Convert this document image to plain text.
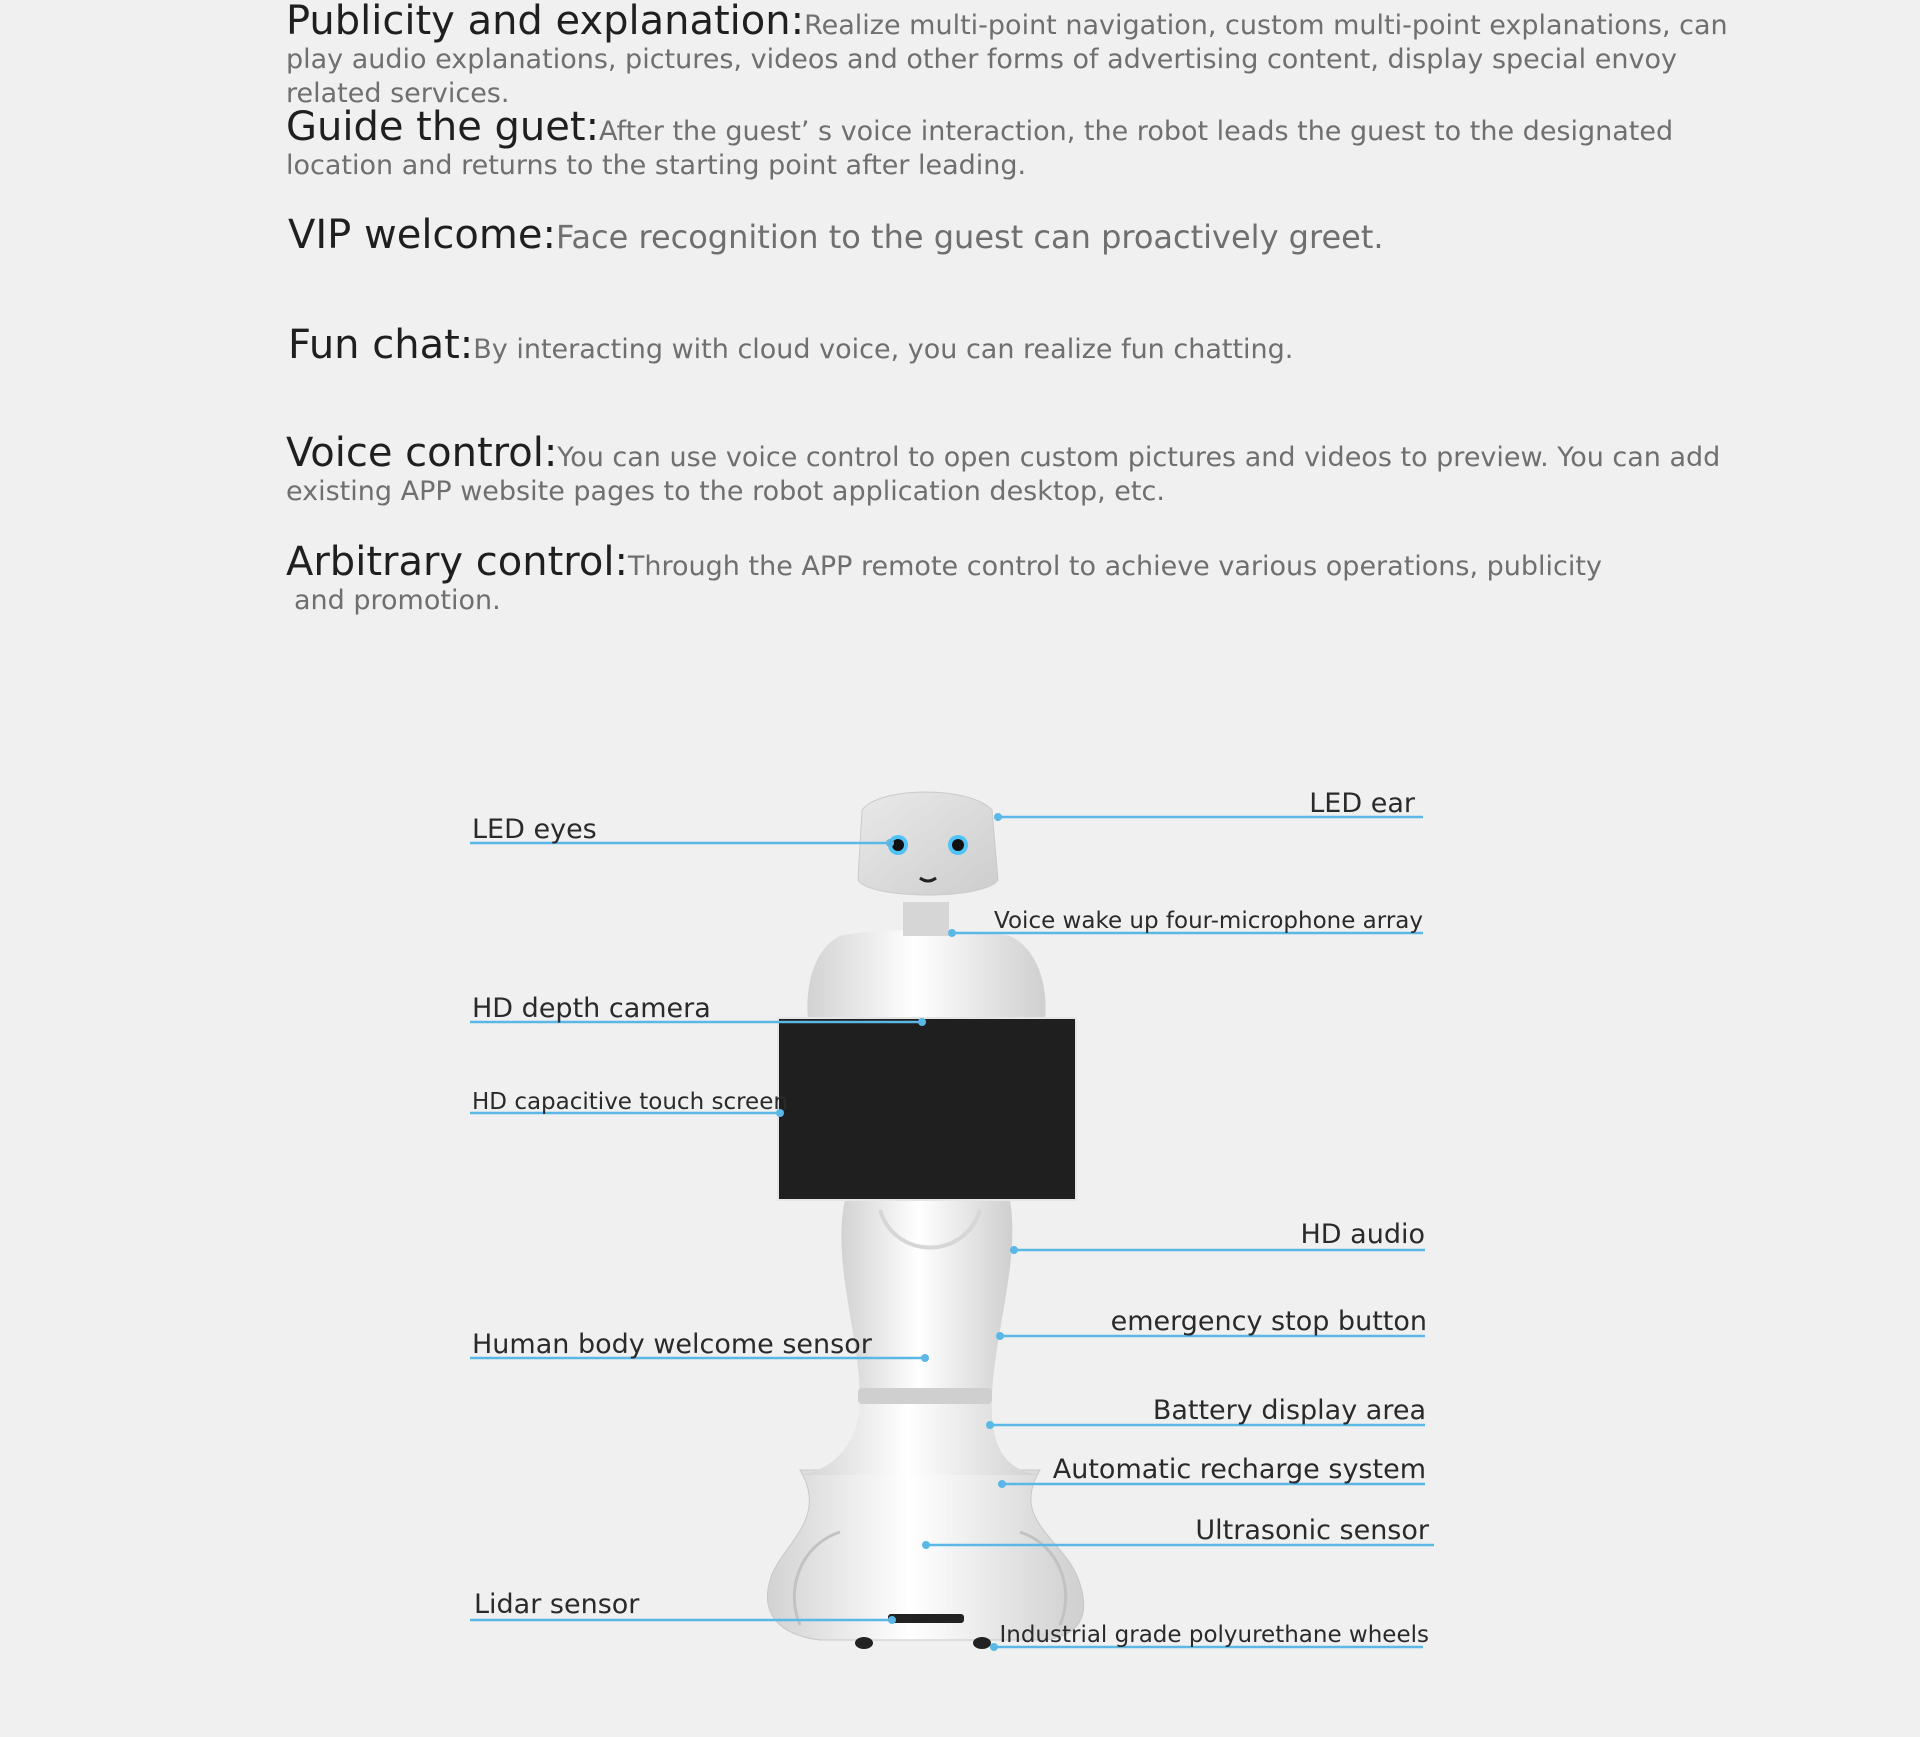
Publicity and explanation:Realize multi-point navigation, custom multi-point explanations, can play audio explanations, pictures, videos and other forms of advertising content, display special envoy related services.
Guide the guet:After the guest’ s voice interaction, the robot leads the guest to the designated location and returns to the starting point after leading.
VIP welcome:Face recognition to the guest can proactively greet.
Fun chat:By interacting with cloud voice, you can realize fun chatting.
Voice control:You can use voice control to open custom pictures and videos to preview. You can add existing APP website pages to the robot application desktop, etc.
Arbitrary control:Through the APP remote control to achieve various operations, publicity
and promotion.
LED eyes
HD depth camera
HD capacitive touch screen
Human body welcome sensor
Lidar sensor
LED ear
Voice wake up four-microphone array
HD audio
emergency stop button
Battery display area
Automatic recharge system
Ultrasonic sensor
Industrial grade polyurethane wheels
